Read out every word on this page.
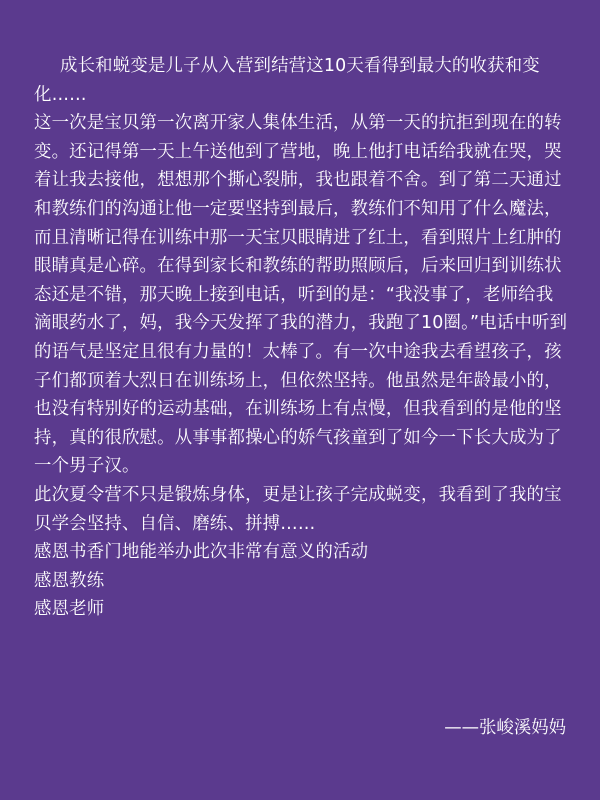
成长和蜕变是儿子从入营到结营这10天看得到最大的收获和变化……

这一次是宝贝第一次离开家人集体生活，从第一天的抗拒到现在的转变。还记得第一天上午送他到了营地，晚上他打电话给我就在哭，哭着让我去接他，想想那个撕心裂肺，我也跟着不舍。到了第二天通过和教练们的沟通让他一定要坚持到最后，教练们不知用了什么魔法，而且清晰记得在训练中那一天宝贝眼睛进了红土，看到照片上红肿的眼睛真是心碎。在得到家长和教练的帮助照顾后，后来回归到训练状态还是不错，那天晚上接到电话，听到的是：“我没事了，老师给我滴眼药水了，妈，我今天发挥了我的潜力，我跑了10圈。”电话中听到的语气是坚定且很有力量的！太棒了。有一次中途我去看望孩子，孩子们都顶着大烈日在训练场上，但依然坚持。他虽然是年龄最小的，也没有特别好的运动基础，在训练场上有点慢，但我看到的是他的坚持，真的很欣慰。从事事都操心的娇气孩童到了如今一下长大成为了一个男子汉。

此次夏令营不只是锻炼身体，更是让孩子完成蜕变，我看到了我的宝贝学会坚持、自信、磨练、拼搏……

感恩书香门地能举办此次非常有意义的活动

感恩教练

感恩老师

——张峻溪妈妈
